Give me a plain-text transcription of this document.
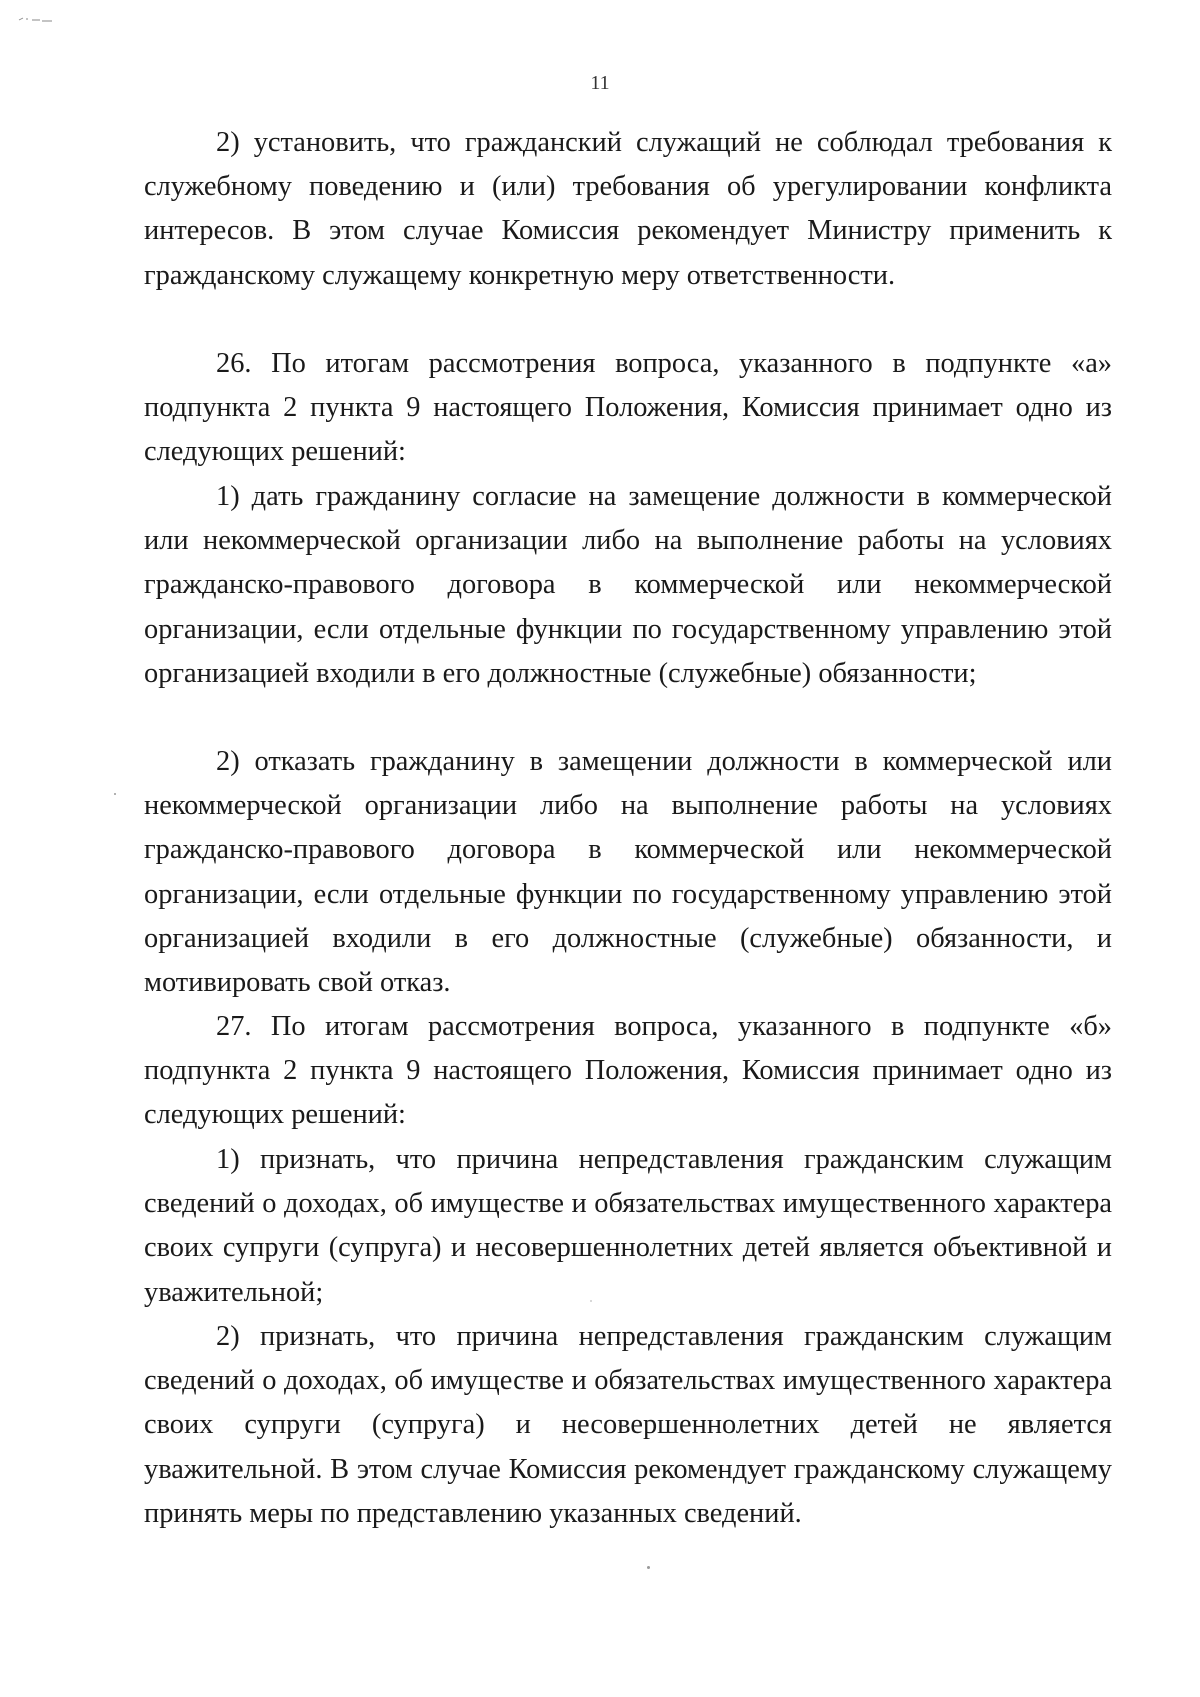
11

2) установить, что гражданский служащий не соблюдал требования к служебному поведению и (или) требования об урегулировании конфликта интересов. В этом случае Комиссия рекомендует Министру применить к гражданскому служащему конкретную меру ответственности.

26. По итогам рассмотрения вопроса, указанного в подпункте «а» подпункта 2 пункта 9 настоящего Положения, Комиссия принимает одно из следующих решений:

1) дать гражданину согласие на замещение должности в коммерческой или некоммерческой организации либо на выполнение работы на условиях гражданско-правового договора в коммерческой или некоммерческой организации, если отдельные функции по государственному управлению этой организацией входили в его должностные (служебные) обязанности;

2) отказать гражданину в замещении должности в коммерческой или некоммерческой организации либо на выполнение работы на условиях гражданско-правового договора в коммерческой или некоммерческой организации, если отдельные функции по государственному управлению этой организацией входили в его должностные (служебные) обязанности, и мотивировать свой отказ.

27. По итогам рассмотрения вопроса, указанного в подпункте «б» подпункта 2 пункта 9 настоящего Положения, Комиссия принимает одно из следующих решений:

1) признать, что причина непредставления гражданским служащим сведений о доходах, об имуществе и обязательствах имущественного характера своих супруги (супруга) и несовершеннолетних детей является объективной и уважительной;

2) признать, что причина непредставления гражданским служащим сведений о доходах, об имуществе и обязательствах имущественного характера своих супруги (супруга) и несовершеннолетних детей не является уважительной. В этом случае Комиссия рекомендует гражданскому служащему принять меры по представлению указанных сведений.
